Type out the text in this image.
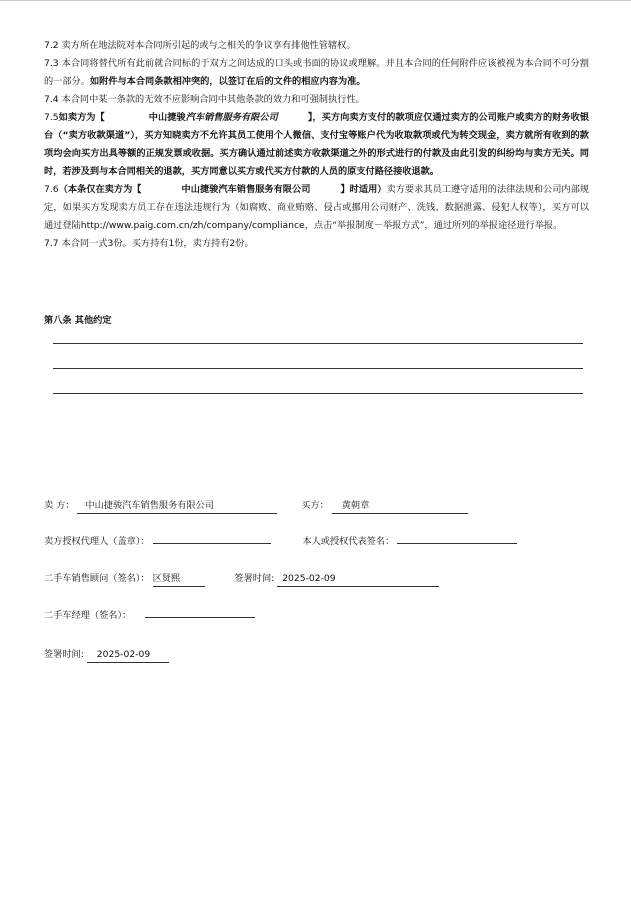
7.2 卖方所在地法院对本合同所引起的或与之相关的争议享有排他性管辖权。

7.3 本合同将替代所有此前就合同标的于双方之间达成的口头或书面的协议或理解。并且本合同的任何附件应该被视为本合同不可分割的一部分。如附件与本合同条款相冲突的，以签订在后的文件的相应内容为准。

7.4 本合同中某一条款的无效不应影响合同中其他条款的效力和可强制执行性。

7.5如卖方为【	中山捷骏汽车销售服务有限公司	】，买方向卖方支付的款项应仅通过卖方的公司账户或卖方的财务收银台（“卖方收款渠道”），买方知晓卖方不允许其员工使用个人微信、支付宝等账户代为收取款项或代为转交现金，卖方就所有收到的款项均会向买方出具等额的正规发票或收据。买方确认通过前述卖方收款渠道之外的形式进行的付款及由此引发的纠纷均与卖方无关。同时，若涉及到与本合同相关的退款，买方同意以买方或代买方付款的人员的原支付路径接收退款。

7.6（本条仅在卖方为【	中山捷骏汽车销售服务有限公司	】时适用）卖方要求其员工遵守适用的法律法规和公司内部规定，如果买方发现卖方员工存在违法违规行为（如腐败、商业贿赂、侵占或挪用公司财产、洗钱、数据泄露、侵犯人权等），买方可以通过登陆http://www.paig.com.cn/zh/company/compliance，点击“举报制度－举报方式”，通过所列的举报途径进行举报。

7.7 本合同一式3份。买方持有1份，卖方持有2份。

第八条 其他约定
卖 方： 中山捷骏汽车销售服务有限公司	买方： 黄朝章
卖方授权代理人（盖章）：	本人或授权代表签名：
二手车销售顾问（签名）： 区贤熙	签署时间: 2025-02-09
二手车经理（签名）：
签署时间: 2025-02-09
